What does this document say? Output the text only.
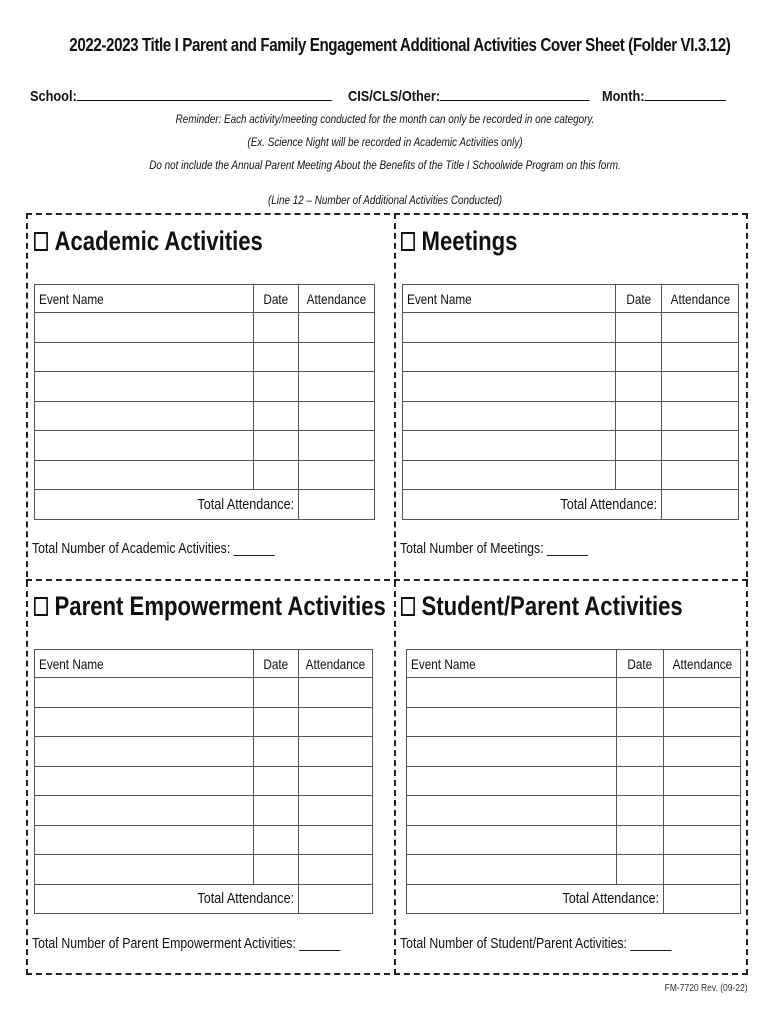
2022-2023 Title I Parent and Family Engagement Additional Activities Cover Sheet (Folder VI.3.12)
School:	CIS/CLS/Other:	Month:
Reminder: Each activity/meeting conducted for the month can only be recorded in one category.
(Ex. Science Night will be recorded in Academic Activities only)
Do not include the Annual Parent Meeting About the Benefits of the Title I Schoolwide Program on this form.
(Line 12 – Number of Additional Activities Conducted)
Academic Activities
Event Name	Date	Attendance

Total Attendance:		
Total Number of Academic Activities: ______
Meetings
Event Name	Date	Attendance

Total Attendance:		
Total Number of Meetings: ______
Parent Empowerment Activities
Event Name	Date	Attendance

Total Attendance:		
Total Number of Parent Empowerment Activities: ______
Student/Parent Activities
Event Name	Date	Attendance

Total Attendance:		
Total Number of Student/Parent Activities: ______
FM-7720 Rev. (09-22)
